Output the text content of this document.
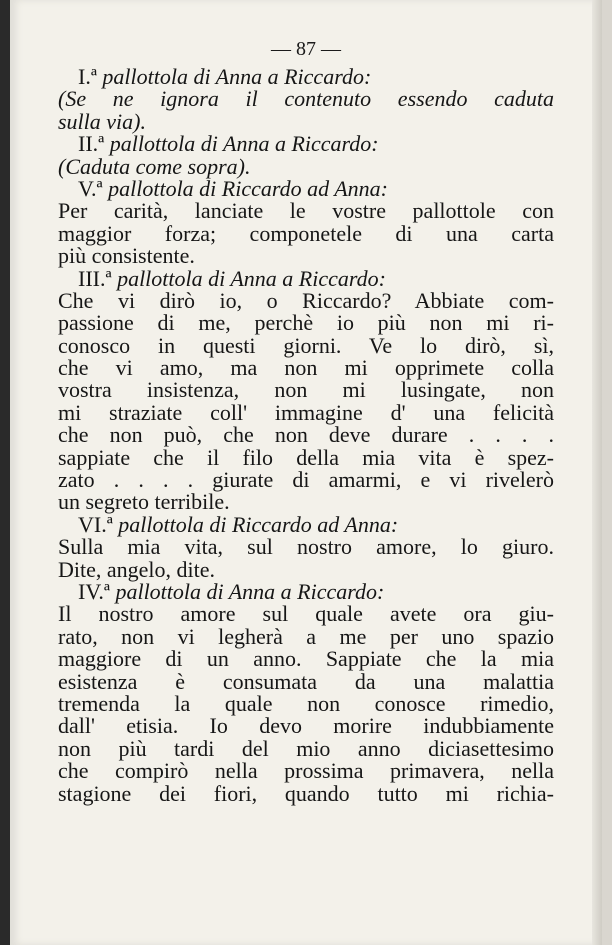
— 87 —
I.ª pallottola di Anna a Riccardo:
(Se ne ignora il contenuto essendo caduta
sulla via).
II.ª pallottola di Anna a Riccardo:
(Caduta come sopra).
V.ª pallottola di Riccardo ad Anna:
Per carità, lanciate le vostre pallottole con
maggior forza; componetele di una carta
più consistente.
III.ª pallottola di Anna a Riccardo:
Che vi dirò io, o Riccardo? Abbiate com-
passione di me, perchè io più non mi ri-
conosco in questi giorni. Ve lo dirò, sì,
che vi amo, ma non mi opprimete colla
vostra insistenza, non mi lusingate, non
mi straziate coll' immagine d' una felicità
che non può, che non deve durare . . . .
sappiate che il filo della mia vita è spez-
zato . . . . giurate di amarmi, e vi rivelerò
un segreto terribile.
VI.ª pallottola di Riccardo ad Anna:
Sulla mia vita, sul nostro amore, lo giuro.
Dite, angelo, dite.
IV.ª pallottola di Anna a Riccardo:
Il nostro amore sul quale avete ora giu-
rato, non vi legherà a me per uno spazio
maggiore di un anno. Sappiate che la mia
esistenza è consumata da una malattia
tremenda la quale non conosce rimedio,
dall' etisia. Io devo morire indubbiamente
non più tardi del mio anno diciasettesimo
che compirò nella prossima primavera, nella
stagione dei fiori, quando tutto mi richia-
